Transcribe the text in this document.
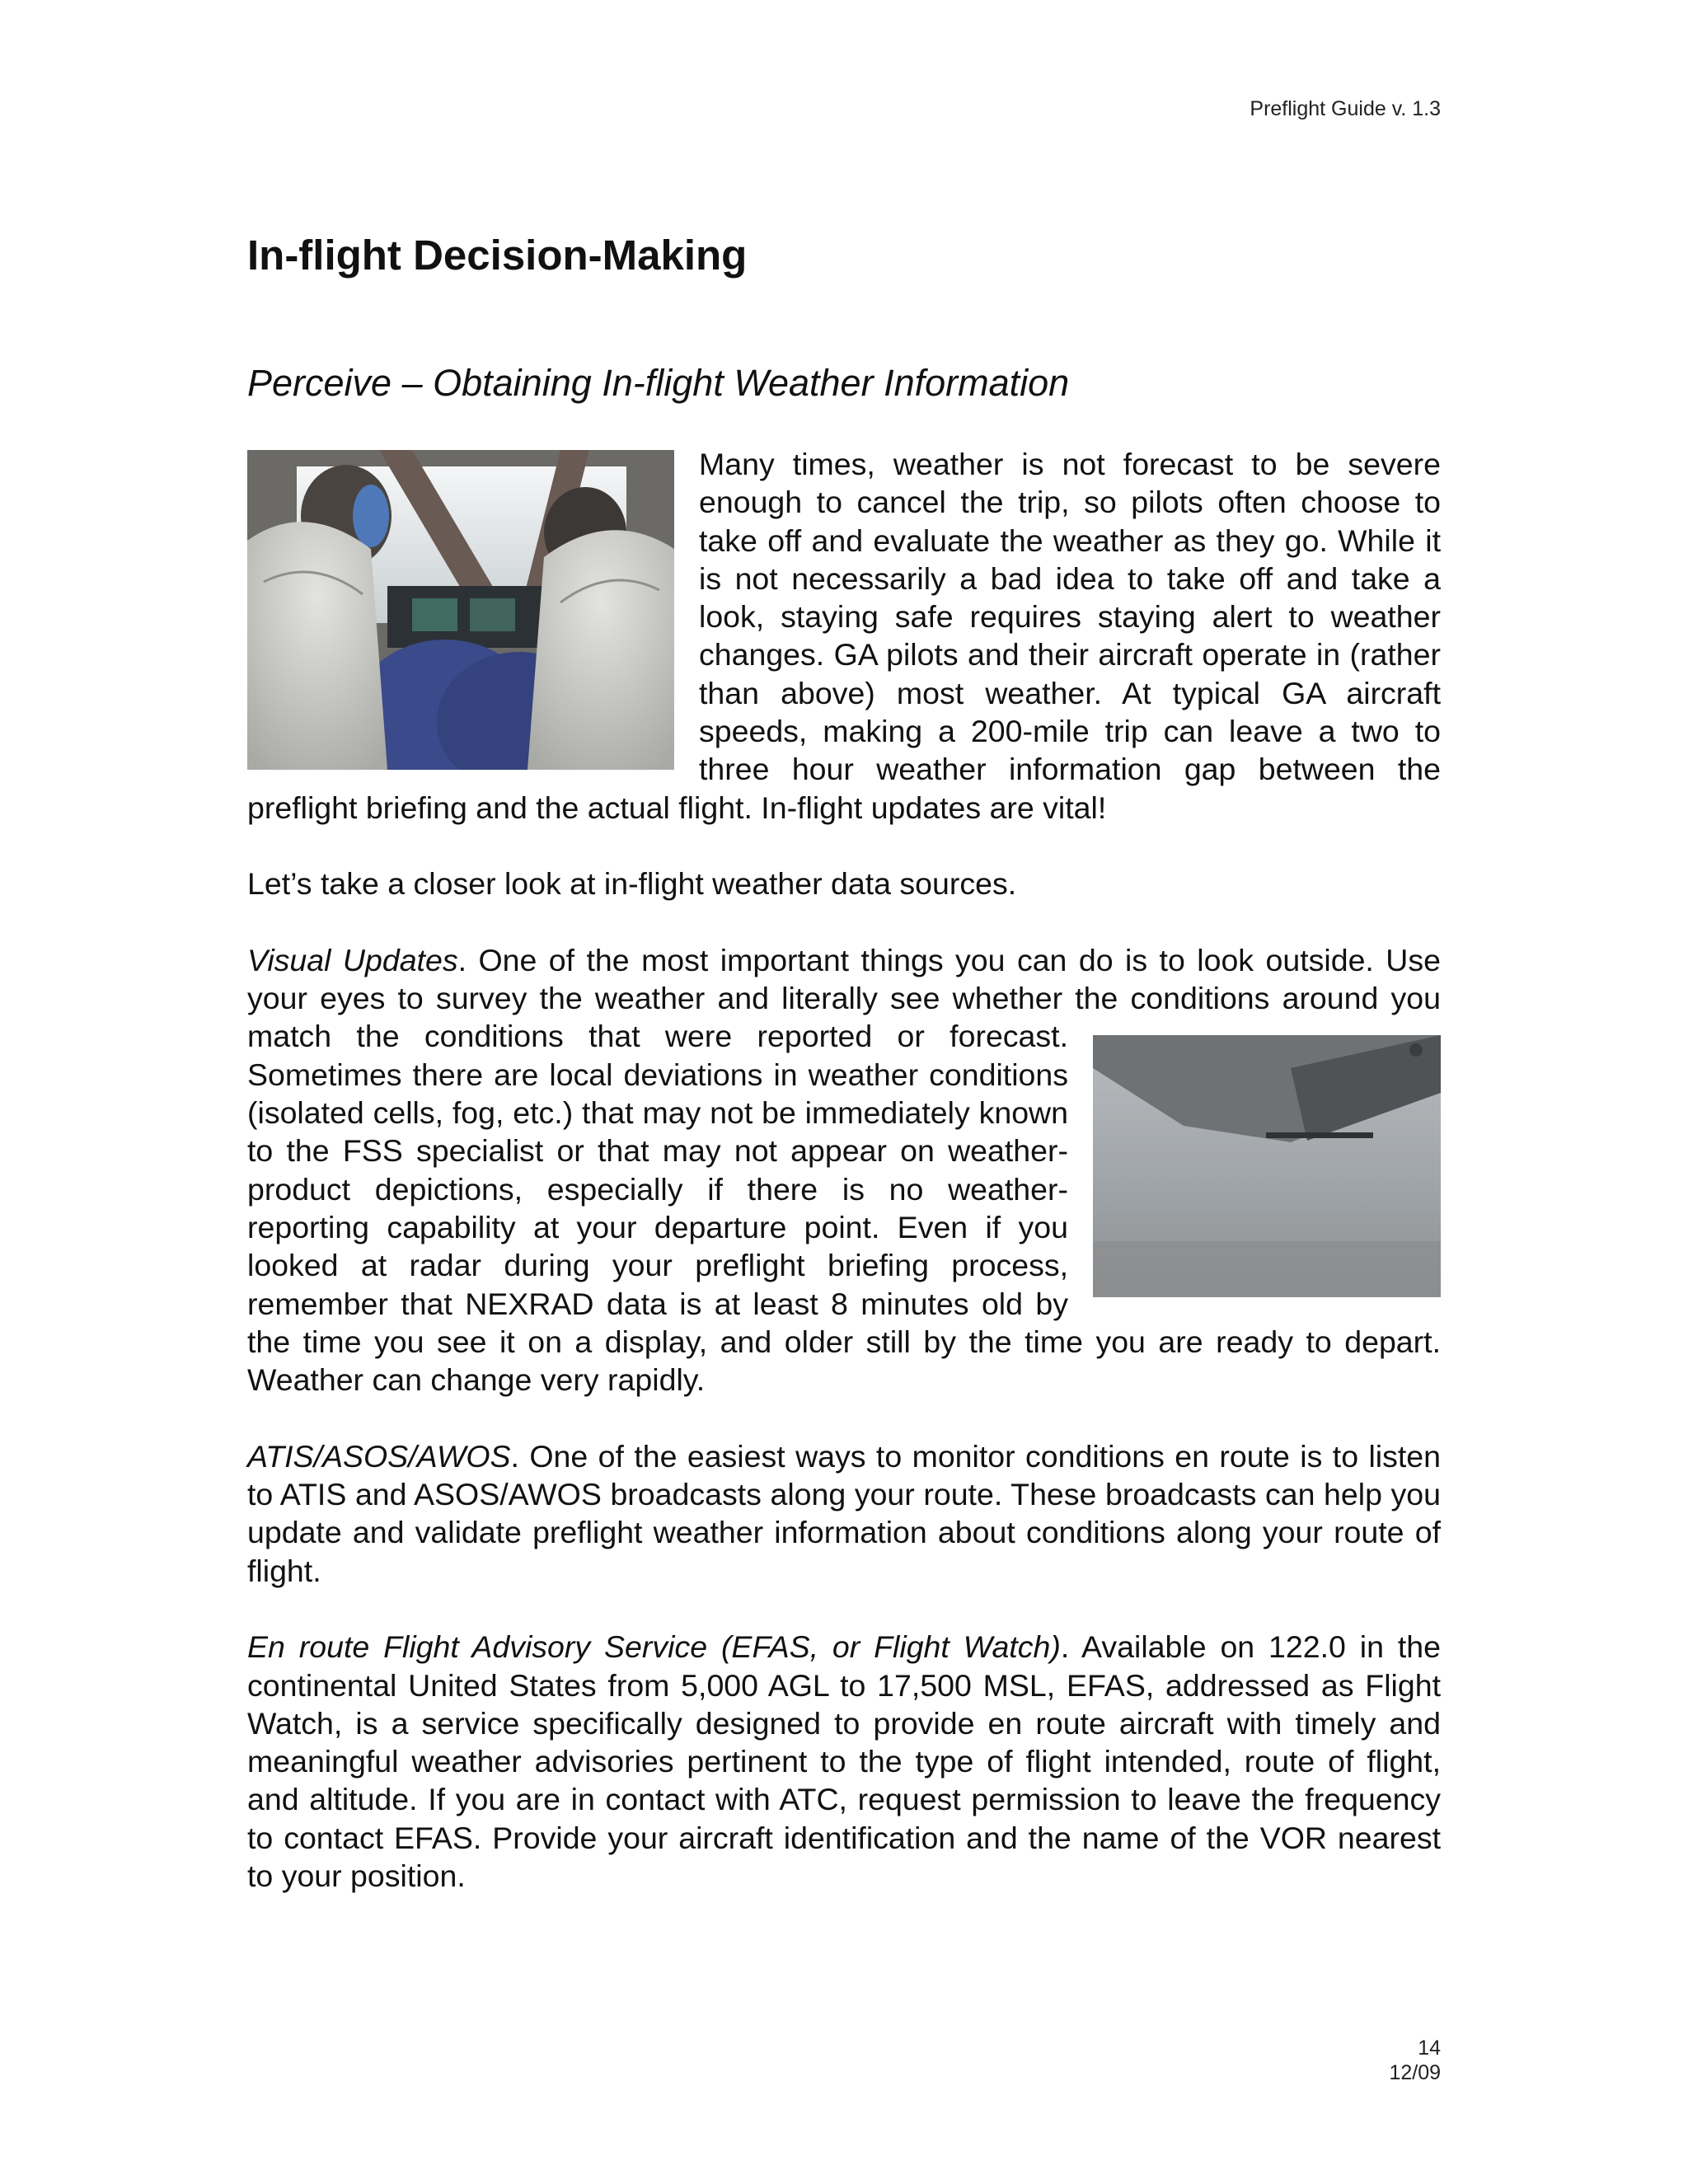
Preflight Guide v. 1.3
In-flight Decision-Making
Perceive – Obtaining In-flight Weather Information

Many times, weather is not forecast to be severe enough to cancel the trip, so pilots often choose to take off and evaluate the weather as they go. While it is not necessarily a bad idea to take off and take a look, staying safe requires staying alert to weather changes. GA pilots and their aircraft operate in (rather than above) most weather. At typical GA aircraft speeds, making a 200-mile trip can leave a two to three hour weather information gap between the preflight briefing and the actual flight. In-flight updates are vital!

Let’s take a closer look at in-flight weather data sources.

Visual Updates. One of the most important things you can do is to look outside. Use your eyes to survey the weather and literally see whether the conditions
around you match the conditions that were reported or forecast. Sometimes there are local deviations in weather conditions (isolated cells, fog, etc.) that may not be immediately known to the FSS specialist or that may not appear on weather-product depictions, especially if there is no weather-reporting capability at your departure point. Even if you looked at radar during your preflight briefing process, remember that NEXRAD data is at least 8 minutes old by the time you see it on a display, and older still by the time you are ready to depart. Weather can change very rapidly.

ATIS/ASOS/AWOS. One of the easiest ways to monitor conditions en route is to listen to ATIS and ASOS/AWOS broadcasts along your route. These broadcasts can help you update and validate preflight weather information about conditions along your route of flight.

En route Flight Advisory Service (EFAS, or Flight Watch). Available on 122.0 in the continental United States from 5,000 AGL to 17,500 MSL, EFAS, addressed as Flight Watch, is a service specifically designed to provide en route aircraft with timely and meaningful weather advisories pertinent to the type of flight intended, route of flight, and altitude. If you are in contact with ATC, request permission to leave the frequency to contact EFAS. Provide your aircraft identification and the name of the VOR nearest to your position.

14
12/09
